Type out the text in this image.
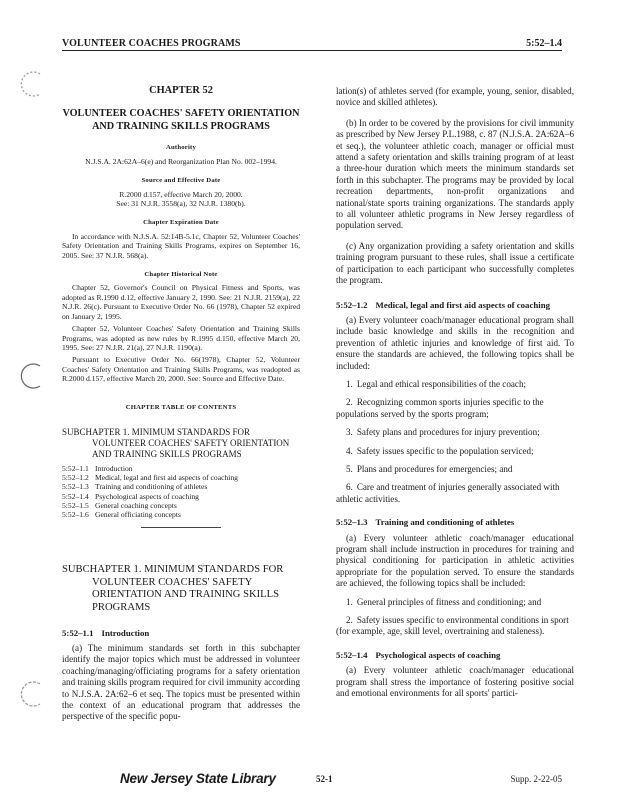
VOLUNTEER COACHES PROGRAMS	5:52–1.4
CHAPTER 52
VOLUNTEER COACHES' SAFETY ORIENTATION
AND TRAINING SKILLS PROGRAMS
Authority
N.J.S.A. 2A:62A–6(e) and Reorganization Plan No. 002–1994.
Source and Effective Date
R.2000 d.157, effective March 20, 2000.
See: 31 N.J.R. 3558(a), 32 N.J.R. 1380(b).
Chapter Expiration Date
In accordance with N.J.S.A. 52:14B-5.1c, Chapter 52, Volunteer Coaches' Safety Orientation and Training Skills Programs, expires on September 16, 2005. See: 37 N.J.R. 568(a).
Chapter Historical Note
Chapter 52, Governor's Council on Physical Fitness and Sports, was adopted as R.1990 d.12, effective January 2, 1990. See: 21 N.J.R. 2159(a), 22 N.J.R. 26(c). Pursuant to Executive Order No. 66 (1978), Chapter 52 expired on January 2, 1995.
Chapter 52, Volunteer Coaches' Safety Orientation and Training Skills Programs, was adopted as new rules by R.1995 d.150, effective March 20, 1995. See: 27 N.J.R. 21(a), 27 N.J.R. 1190(a).
Pursuant to Executive Order No. 66(1978), Chapter 52, Volunteer Coaches' Safety Orientation and Training Skills Programs, was readopted as R.2000 d.157, effective March 20, 2000. See: Source and Effective Date.
CHAPTER TABLE OF CONTENTS
SUBCHAPTER 1. MINIMUM STANDARDS FOR
VOLUNTEER COACHES' SAFETY ORIENTATION
AND TRAINING SKILLS PROGRAMS
5:52–1.1 Introduction
5:52–1.2 Medical, legal and first aid aspects of coaching
5:52–1.3 Training and conditioning of athletes
5:52–1.4 Psychological aspects of coaching
5:52–1.5 General coaching concepts
5:52–1.6 General officiating concepts
SUBCHAPTER 1. MINIMUM STANDARDS FOR
VOLUNTEER COACHES' SAFETY
ORIENTATION AND TRAINING SKILLS
PROGRAMS
5:52–1.1 Introduction

(a) The minimum standards set forth in this subchapter identify the major topics which must be addressed in volunteer coaching/managing/officiating programs for a safety orientation and training skills program required for civil immunity according to N.J.S.A. 2A:62–6 et seq. The topics must be presented within the context of an educational program that addresses the perspective of the specific popu-

lation(s) of athletes served (for example, young, senior, disabled, novice and skilled athletes).

(b) In order to be covered by the provisions for civil immunity as prescribed by New Jersey P.L.1988, c. 87 (N.J.S.A. 2A:62A–6 et seq.), the volunteer athletic coach, manager or official must attend a safety orientation and skills training program of at least a three-hour duration which meets the minimum standards set forth in this subchapter. The programs may be provided by local recreation departments, non-profit organizations and national/state sports training organizations. The standards apply to all volunteer athletic programs in New Jersey regardless of population served.

(c) Any organization providing a safety orientation and skills training program pursuant to these rules, shall issue a certificate of participation to each participant who successfully completes the program.

5:52–1.2 Medical, legal and first aid aspects of coaching

(a) Every volunteer coach/manager educational program shall include basic knowledge and skills in the recognition and prevention of athletic injuries and knowledge of first aid. To ensure the standards are achieved, the following topics shall be included:

1. Legal and ethical responsibilities of the coach;
2. Recognizing common sports injuries specific to the populations served by the sports program;
3. Safety plans and procedures for injury prevention;
4. Safety issues specific to the population serviced;
5. Plans and procedures for emergencies; and
6. Care and treatment of injuries generally associated with athletic activities.
5:52–1.3 Training and conditioning of athletes

(a) Every volunteer athletic coach/manager educational program shall include instruction in procedures for training and physical conditioning for participation in athletic activities appropriate for the population served. To ensure the standards are achieved, the following topics shall be included:

1. General principles of fitness and conditioning; and
2. Safety issues specific to environmental conditions in sport (for example, age, skill level, overtraining and staleness).
5:52–1.4 Psychological aspects of coaching

(a) Every volunteer athletic coach/manager educational program shall stress the importance of fostering positive social and emotional environments for all sports' partici-

New Jersey State Library	52-1	Supp. 2-22-05
